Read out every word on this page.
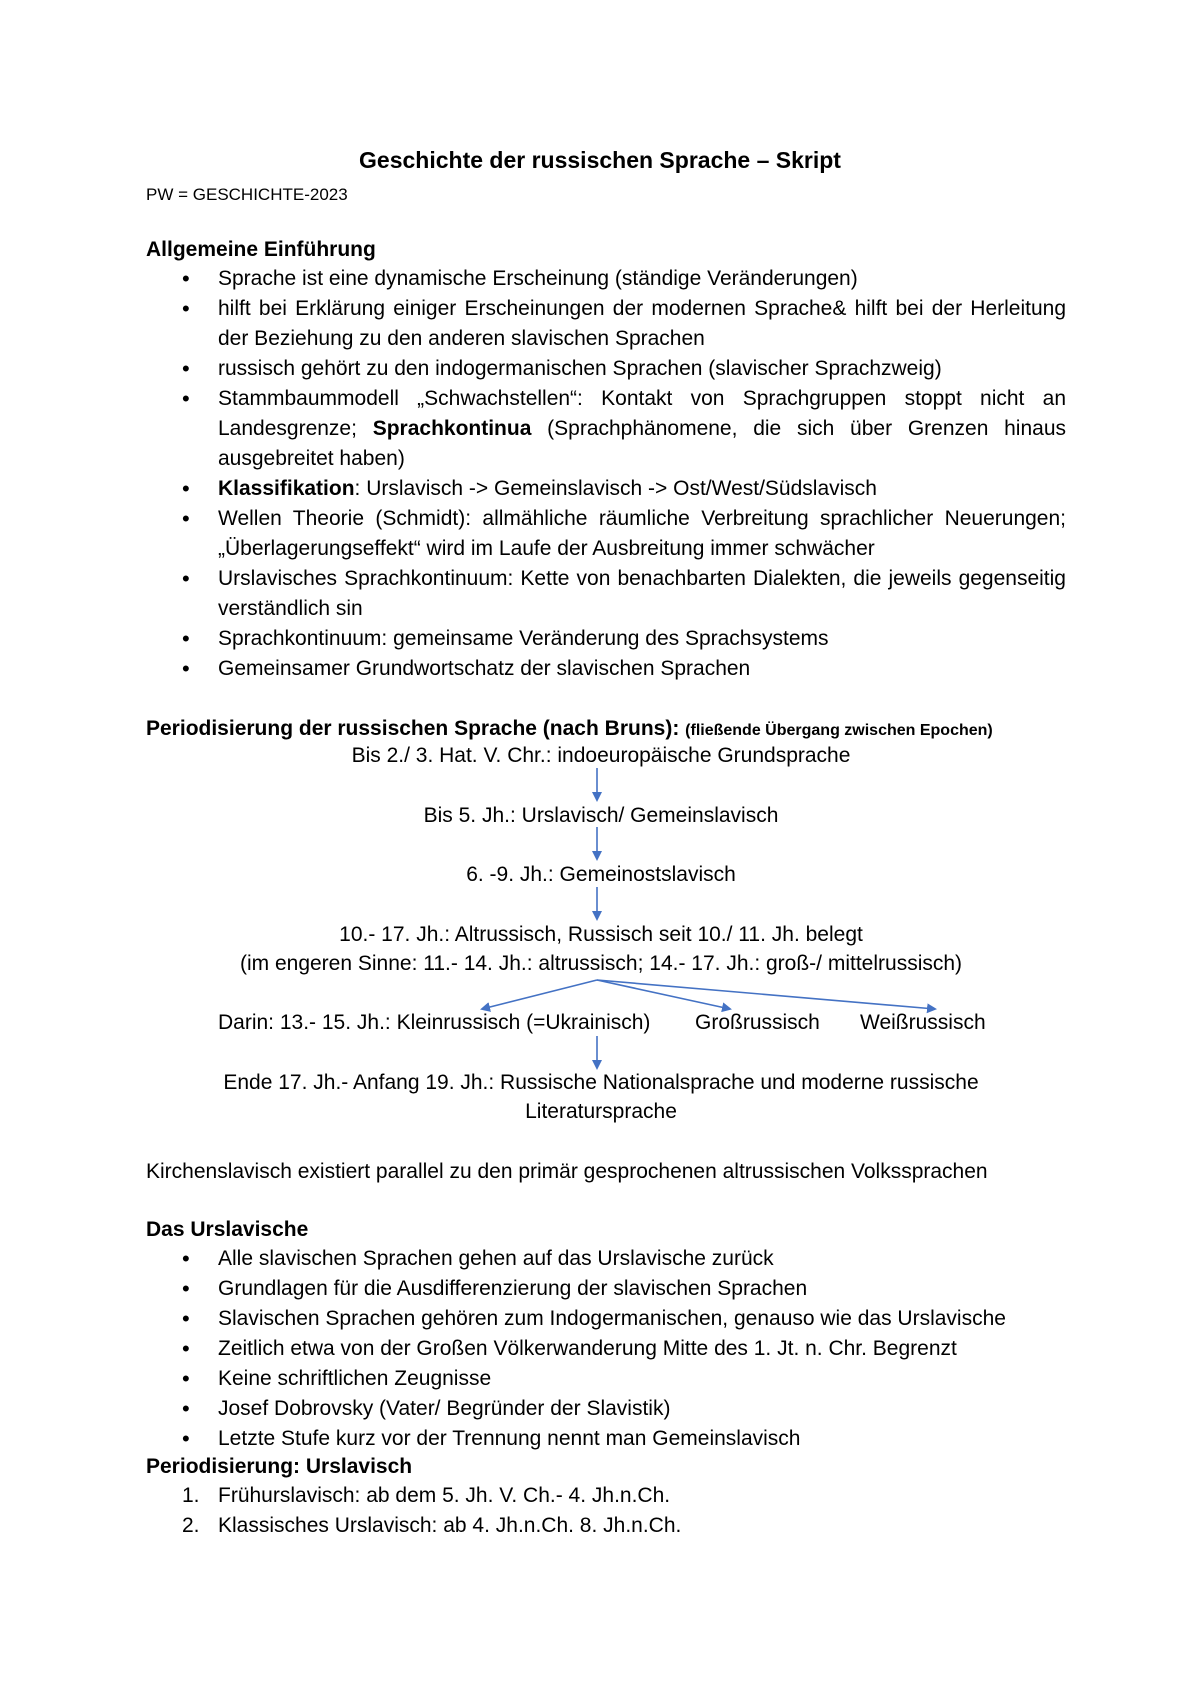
Geschichte der russischen Sprache – Skript
PW = GESCHICHTE-2023
Allgemeine Einführung
• Sprache ist eine dynamische Erscheinung (ständige Veränderungen)
• hilft bei Erklärung einiger Erscheinungen der modernen Sprache& hilft bei der Herleitung der Beziehung zu den anderen slavischen Sprachen
• russisch gehört zu den indogermanischen Sprachen (slavischer Sprachzweig)
• Stammbaummodell „Schwachstellen“: Kontakt von Sprachgruppen stoppt nicht an Landesgrenze; Sprachkontinua (Sprachphänomene, die sich über Grenzen hinaus ausgebreitet haben)
• Klassifikation: Urslavisch -> Gemeinslavisch -> Ost/West/Südslavisch
• Wellen Theorie (Schmidt): allmähliche räumliche Verbreitung sprachlicher Neuerungen; „Überlagerungseffekt“ wird im Laufe der Ausbreitung immer schwächer
• Urslavisches Sprachkontinuum: Kette von benachbarten Dialekten, die jeweils gegenseitig verständlich sin
• Sprachkontinuum: gemeinsame Veränderung des Sprachsystems
• Gemeinsamer Grundwortschatz der slavischen Sprachen
Periodisierung der russischen Sprache (nach Bruns): (fließende Übergang zwischen Epochen)
Bis 2./ 3. Hat. V. Chr.: indoeuropäische Grundsprache
Bis 5. Jh.: Urslavisch/ Gemeinslavisch
6. -9. Jh.: Gemeinostslavisch
10.- 17. Jh.: Altrussisch, Russisch seit 10./ 11. Jh. belegt
(im engeren Sinne: 11.- 14. Jh.: altrussisch; 14.- 17. Jh.: groß-/ mittelrussisch)
Darin: 13.- 15. Jh.: Kleinrussisch (=Ukrainisch) Großrussisch Weißrussisch
Ende 17. Jh.- Anfang 19. Jh.: Russische Nationalsprache und moderne russische
Literatursprache
Kirchenslavisch existiert parallel zu den primär gesprochenen altrussischen Volkssprachen
Das Urslavische
• Alle slavischen Sprachen gehen auf das Urslavische zurück
• Grundlagen für die Ausdifferenzierung der slavischen Sprachen
• Slavischen Sprachen gehören zum Indogermanischen, genauso wie das Urslavische
• Zeitlich etwa von der Großen Völkerwanderung Mitte des 1. Jt. n. Chr. Begrenzt
• Keine schriftlichen Zeugnisse
• Josef Dobrovsky (Vater/ Begründer der Slavistik)
• Letzte Stufe kurz vor der Trennung nennt man Gemeinslavisch
Periodisierung: Urslavisch
1. Frühurslavisch: ab dem 5. Jh. V. Ch.- 4. Jh.n.Ch.
2. Klassisches Urslavisch: ab 4. Jh.n.Ch. 8. Jh.n.Ch.
